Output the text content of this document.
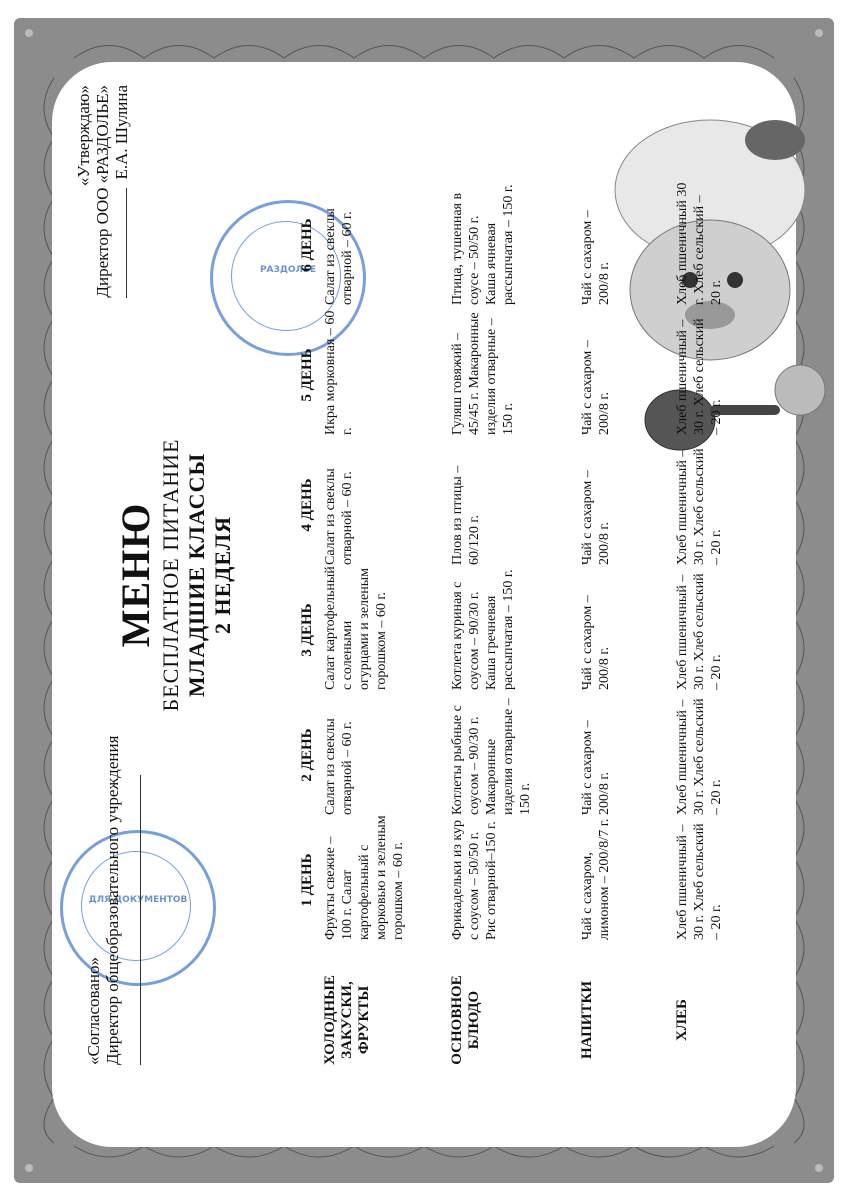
ДЛЯ ДОКУМЕНТОВ
РАЗДОЛЬЕ
«Согласовано» Директор общеобразовательного учреждения
«Утверждаю» Директор ООО «РАЗДОЛЬЕ» Е.А. Шулина
МЕНЮ БЕСПЛАТНОЕ ПИТАНИЕ МЛАДШИЕ КЛАССЫ 2 НЕДЕЛЯ
1 ДЕНЬ
2 ДЕНЬ
3 ДЕНЬ
4 ДЕНЬ
5 ДЕНЬ
6 ДЕНЬ
ХОЛОДНЫЕ ЗАКУСКИ, ФРУКТЫ
Фрукты свежие – 100 г. Салат картофельный с морковью и зеленым горошком – 60 г.
Салат из свеклы отварной – 60 г.
Салат картофельный с солеными огурцами и зеленым горошком – 60 г.
Салат из свеклы отварной – 60 г.
Икра морковная – 60 г.
Салат из свеклы отварной – 60 г.
ОСНОВНОЕ БЛЮДО
Фрикадельки из кур с соусом – 50/50 г. Рис отварной–150 г.
Котлеты рыбные с соусом – 90/30 г. Макаронные изделия отварные – 150 г.
Котлета куриная с соусом – 90/30 г. Каша гречневая рассыпчатая – 150 г.
Плов из птицы – 60/120 г.
Гуляш говяжий – 45/45 г. Макаронные изделия отварные – 150 г.
Птица, тушенная в соусе – 50/50 г. Каша ячневая рассыпчатая – 150 г.
НАПИТКИ
Чай с сахаром, лимоном – 200/8/7 г.
Чай с сахаром – 200/8 г.
Чай с сахаром – 200/8 г.
Чай с сахаром – 200/8 г.
Чай с сахаром – 200/8 г.
Чай с сахаром – 200/8 г.
ХЛЕБ
Хлеб пшеничный – 30 г. Хлеб сельский – 20 г.
Хлеб пшеничный – 30 г. Хлеб сельский – 20 г.
Хлеб пшеничный – 30 г. Хлеб сельский – 20 г.
Хлеб пшеничный – 30 г. Хлеб сельский – 20 г.
Хлеб пшеничный – 30 г. Хлеб сельский – 20 г.
Хлеб пшеничный 30 г. Хлеб сельский – 20 г.
